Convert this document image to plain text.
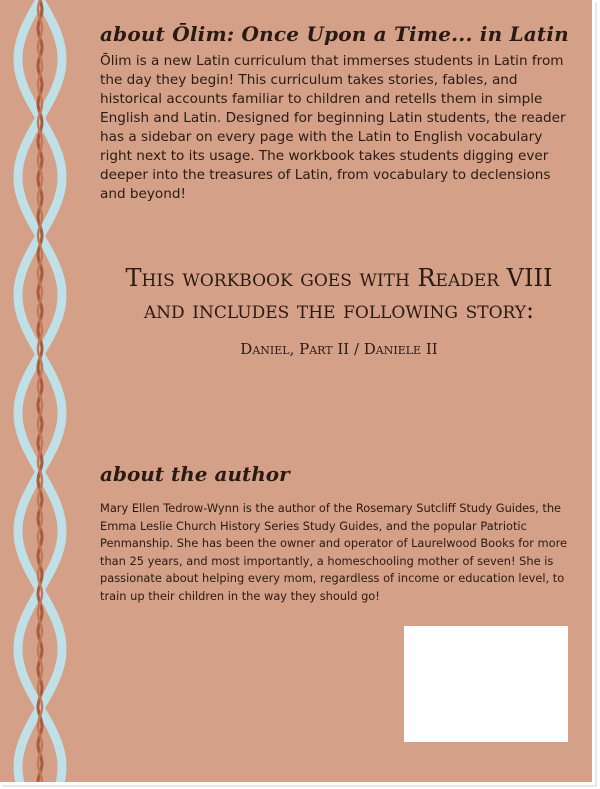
about Ōlim: Once Upon a Time... in Latin

Ōlim is a new Latin curriculum that immerses students in Latin from the day they begin! This curriculum takes stories, fables, and historical accounts familiar to children and retells them in simple English and Latin. Designed for beginning Latin students, the reader has a sidebar on every page with the Latin to English vocabulary right next to its usage. The workbook takes students digging ever deeper into the treasures of Latin, from vocabulary to declensions and beyond!

This workbook goes with Reader VIII
and includes the following story:

Daniel, Part II / Daniele II

about the author

Mary Ellen Tedrow-Wynn is the author of the Rosemary Sutcliff Study Guides, the Emma Leslie Church History Series Study Guides, and the popular Patriotic Penmanship. She has been the owner and operator of Laurelwood Books for more than 25 years, and most importantly, a homeschooling mother of seven! She is passionate about helping every mom, regardless of income or education level, to train up their children in the way they should go!
